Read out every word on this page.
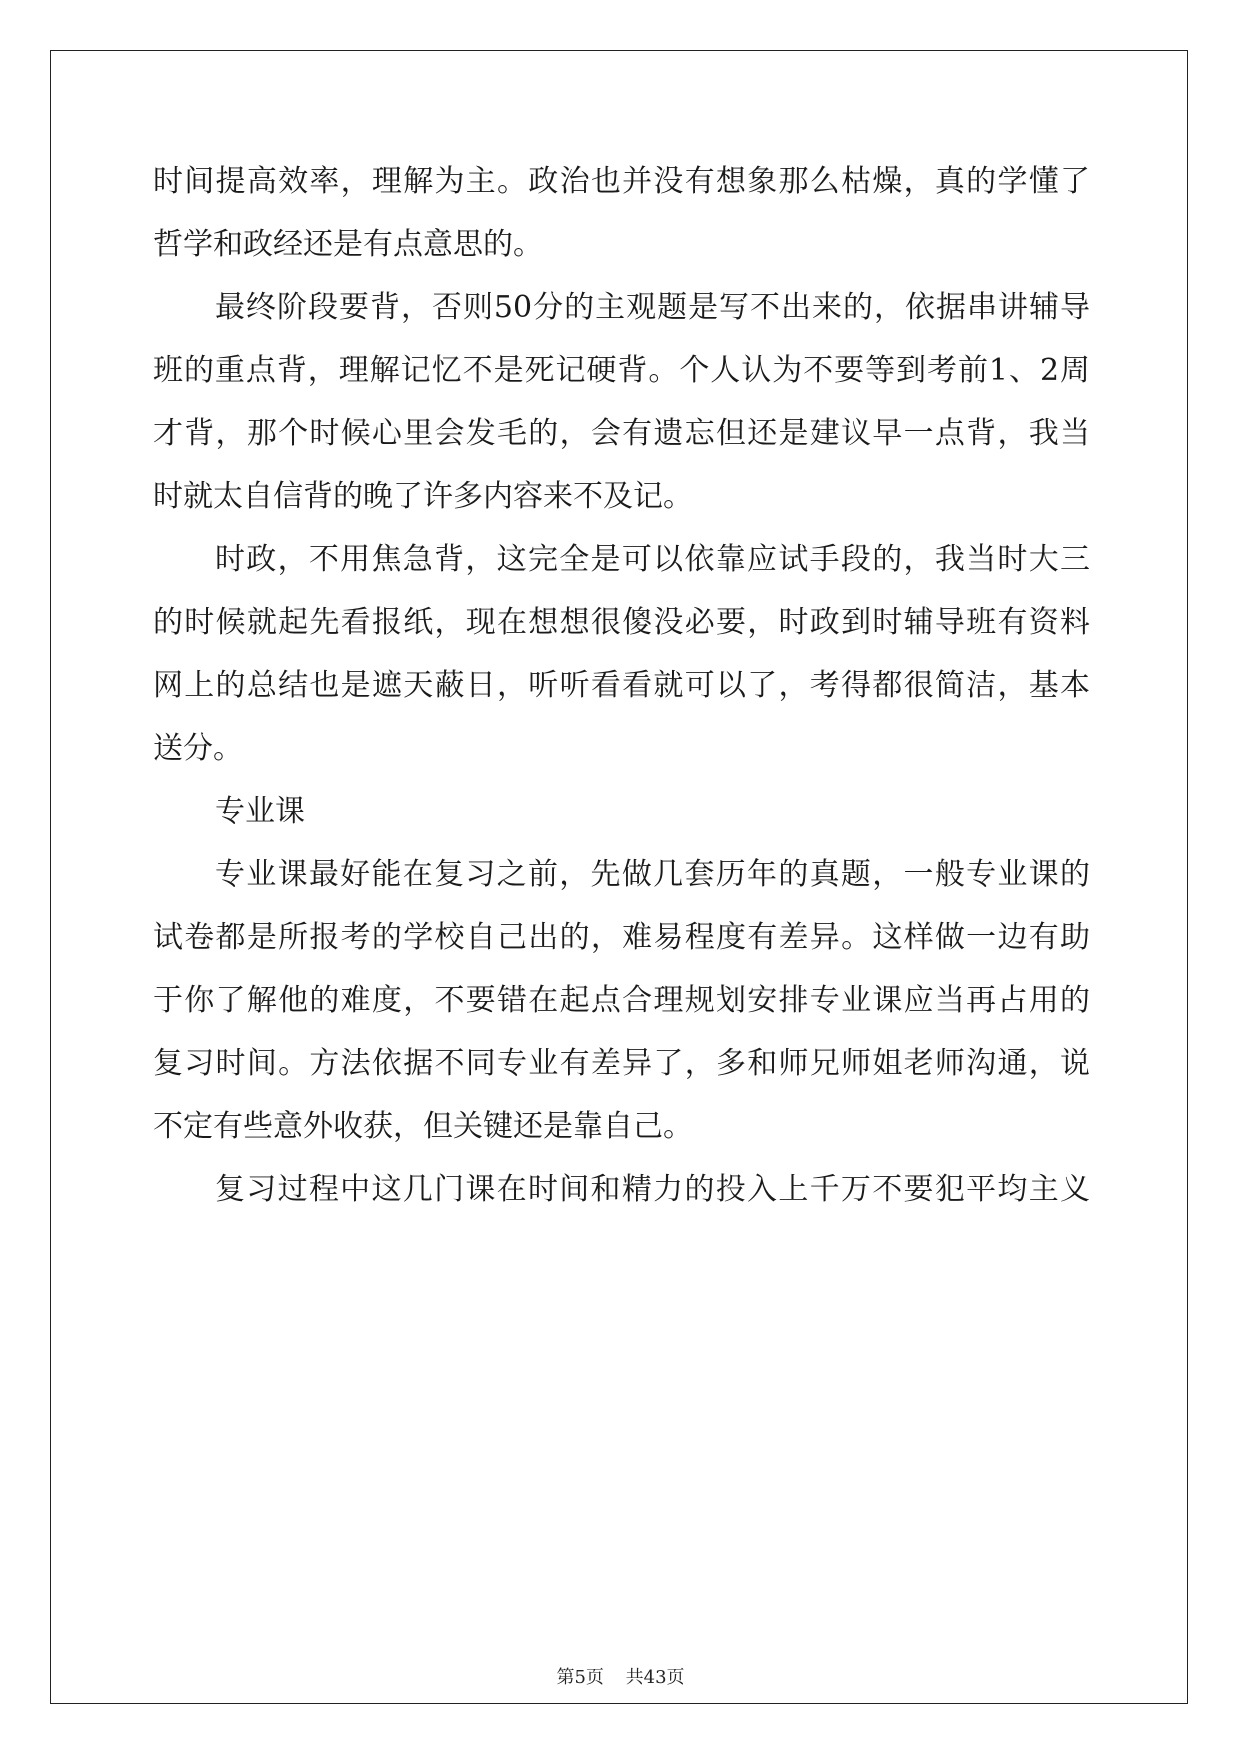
时间提高效率，理解为主。政治也并没有想象那么枯燥，真的学懂了
哲学和政经还是有点意思的。
最终阶段要背，否则50分的主观题是写不出来的，依据串讲辅导
班的重点背，理解记忆不是死记硬背。个人认为不要等到考前1、2周
才背，那个时候心里会发毛的，会有遗忘但还是建议早一点背，我当
时就太自信背的晚了许多内容来不及记。
时政，不用焦急背，这完全是可以依靠应试手段的，我当时大三
的时候就起先看报纸，现在想想很傻没必要，时政到时辅导班有资料
网上的总结也是遮天蔽日，听听看看就可以了，考得都很简洁，基本
送分。
专业课
专业课最好能在复习之前，先做几套历年的真题，一般专业课的
试卷都是所报考的学校自己出的，难易程度有差异。这样做一边有助
于你了解他的难度，不要错在起点合理规划安排专业课应当再占用的
复习时间。方法依据不同专业有差异了，多和师兄师姐老师沟通，说
不定有些意外收获，但关键还是靠自己。
复习过程中这几门课在时间和精力的投入上千万不要犯平均主义
第5页 共43页
